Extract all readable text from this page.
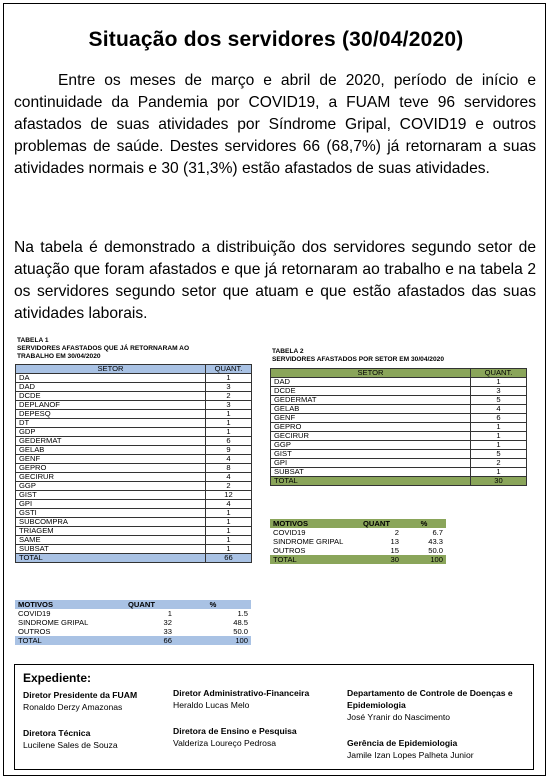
Situação dos servidores (30/04/2020)
Entre os meses de março e abril de 2020, período de início e continuidade da Pandemia por COVID19, a FUAM teve 96 servidores afastados de suas atividades por Síndrome Gripal, COVID19 e outros problemas de saúde. Destes servidores 66 (68,7%) já retornaram a suas atividades normais e 30 (31,3%) estão afastados de suas atividades.
Na tabela é demonstrado a distribuição dos servidores segundo setor de atuação que foram afastados e que já retornaram ao trabalho e na tabela 2 os servidores segundo setor que atuam e que estão afastados das suas atividades laborais.
TABELA 1
SERVIDORES AFASTADOS QUE JÁ RETORNARAM AO
TRABALHO EM 30/04/2020
SETOR	QUANT.
DA	1
DAD	3
DCDE	2
DEPLANOF	3
DEPESQ	1
DT	1
GDP	1
GEDERMAT	6
GELAB	9
GENF	4
GEPRO	8
GECIRUR	4
GGP	2
GIST	12
GPI	4
GSTI	1
SUBCOMPRA	1
TRIAGEM	1
SAME	1
SUBSAT	1
TOTAL	66
MOTIVOS	QUANT	%
COVID19	1	1.5
SINDROME GRIPAL	32	48.5
OUTROS	33	50.0
TOTAL	66	100
TABELA 2
SERVIDORES AFASTADOS POR SETOR EM 30/04/2020
SETOR	QUANT.
DAD	1
DCDE	3
GEDERMAT	5
GELAB	4
GENF	6
GEPRO	1
GECIRUR	1
GGP	1
GIST	5
GPI	2
SUBSAT	1
TOTAL	30
MOTIVOS	QUANT	%
COVID19	2	6.7
SINDROME GRIPAL	13	43.3
OUTROS	15	50.0
TOTAL	30	100
Expediente:
Diretor Presidente da FUAM
Ronaldo Derzy Amazonas
Diretora Técnica
Lucilene Sales de Souza
Diretor Administrativo-Financeira
Heraldo Lucas Melo
Diretora de Ensino e Pesquisa
Valderiza Loureço Pedrosa
Departamento de Controle de Doenças e
Epidemiologia
José Yranir do Nascimento
Gerência de Epidemiologia
Jamile Izan Lopes Palheta Junior
